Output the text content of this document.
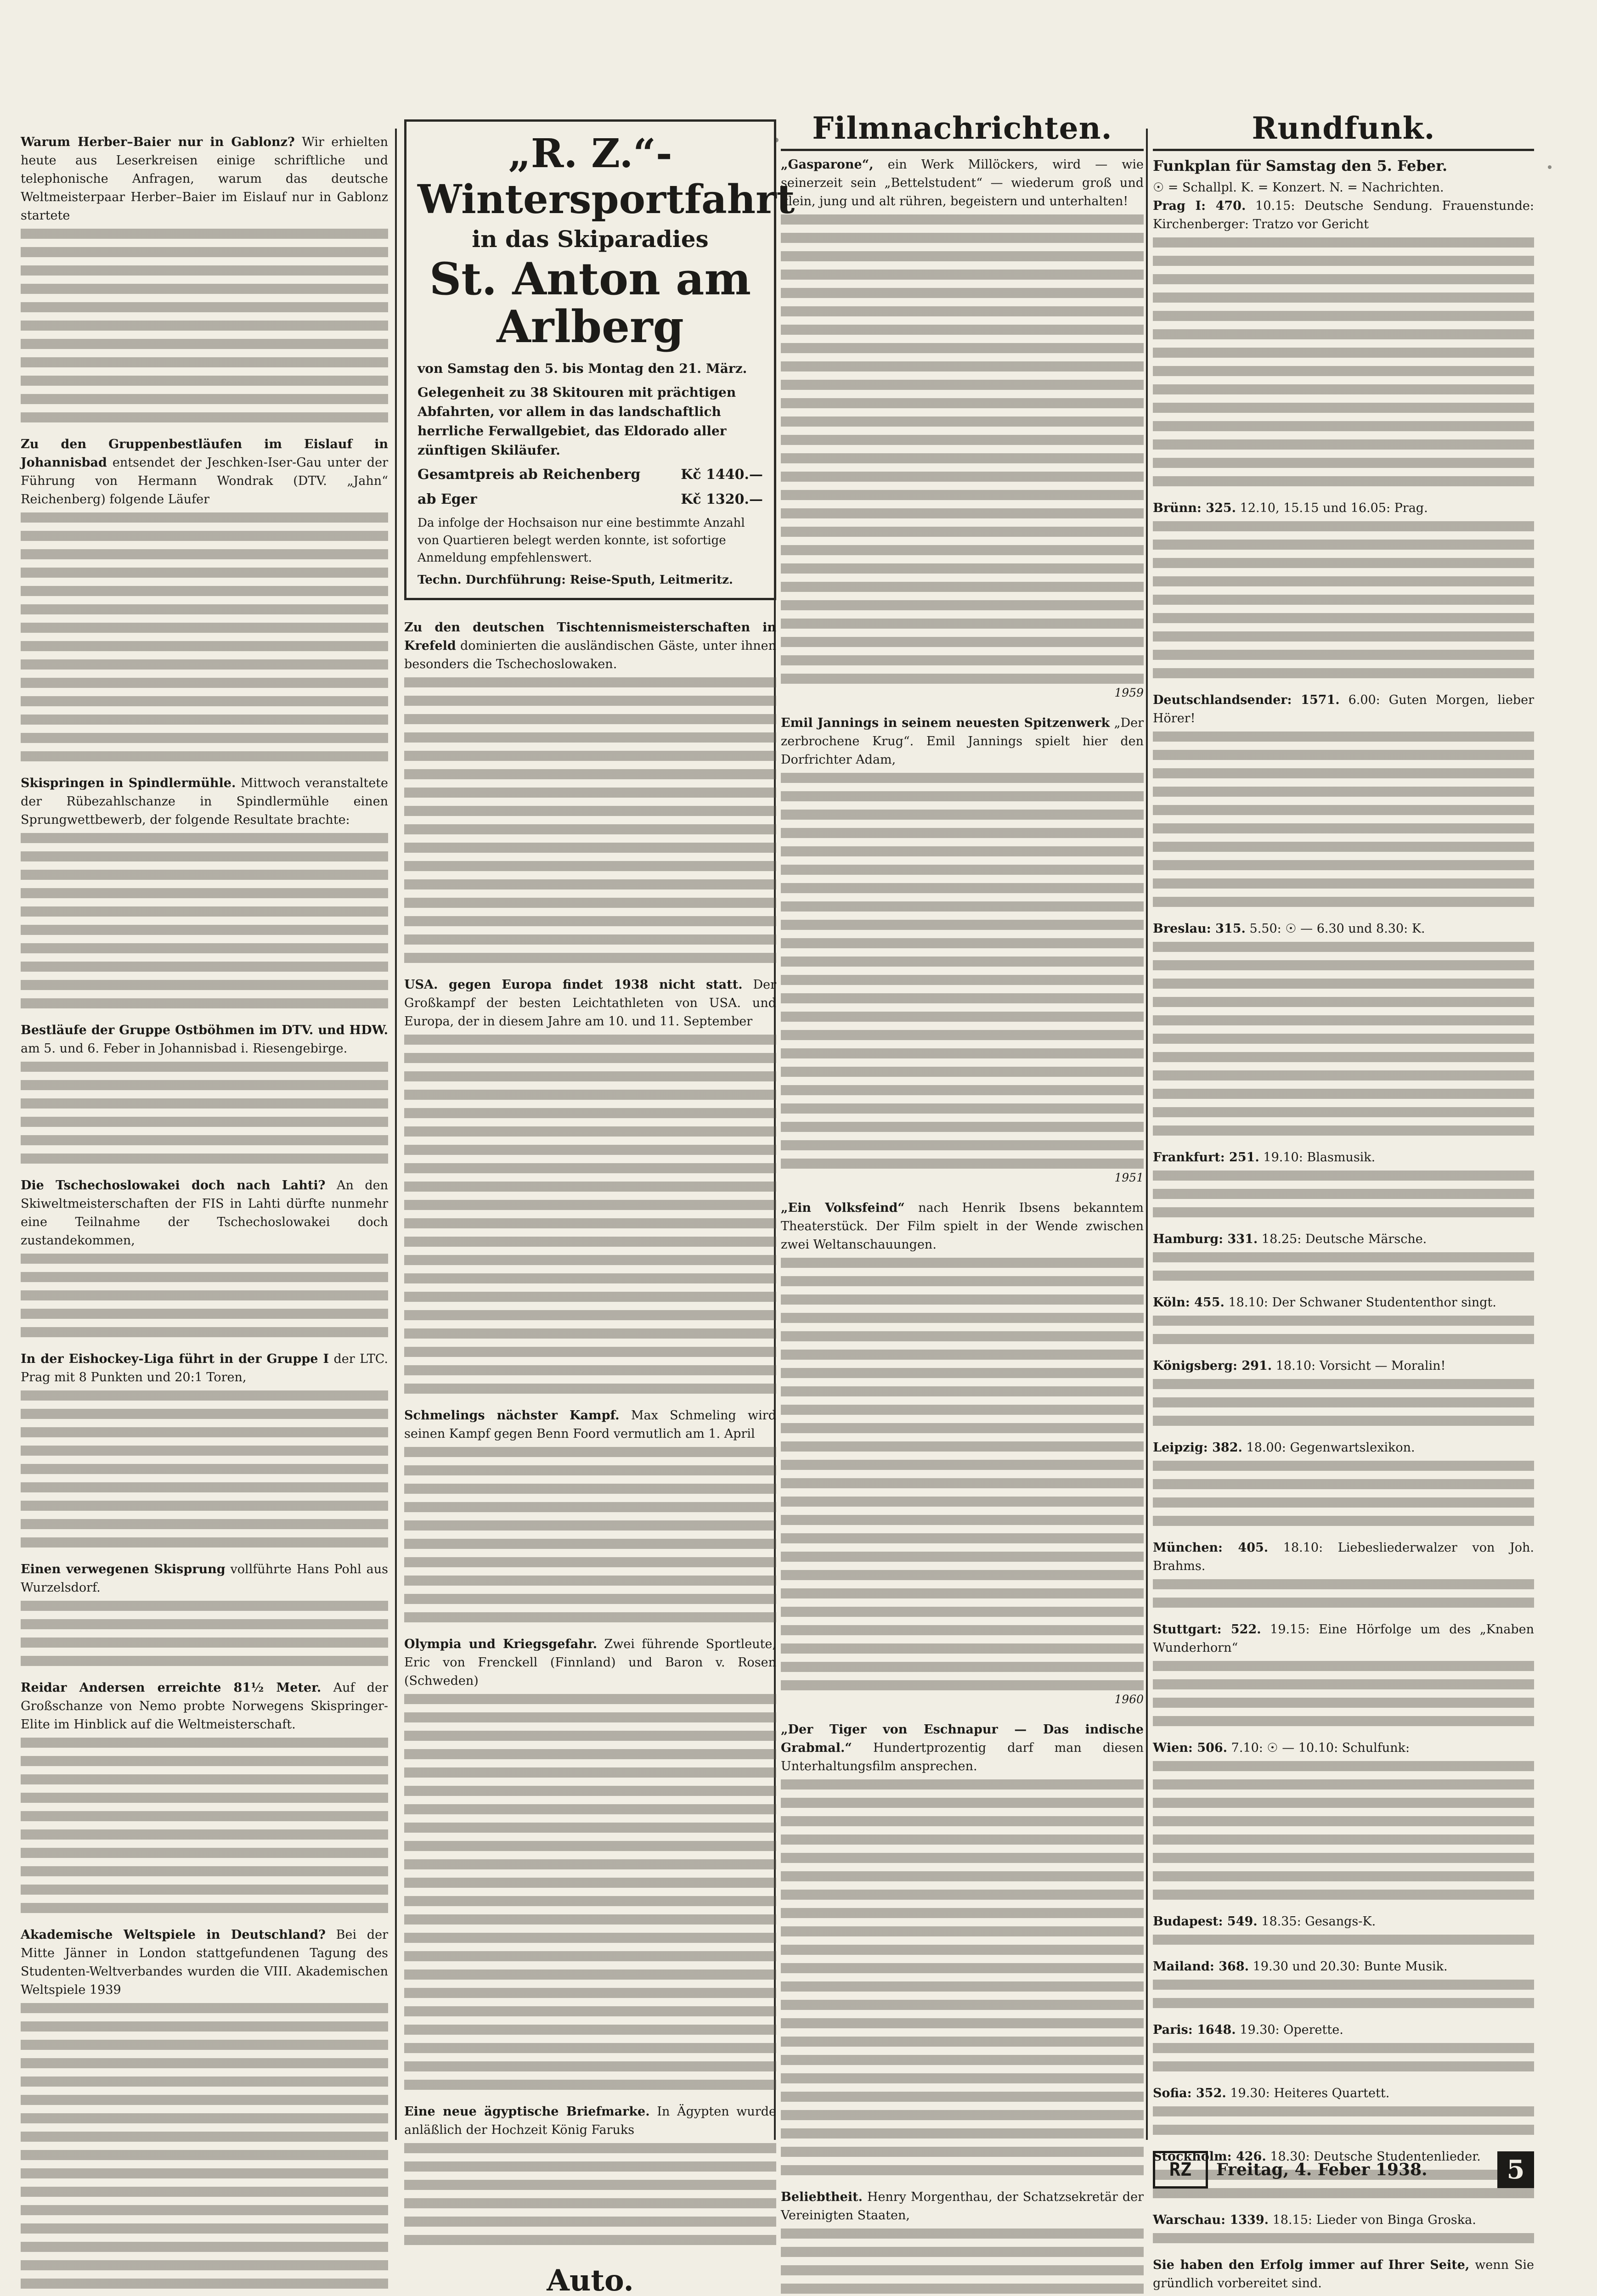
Warum Herber–Baier nur in Gablonz? Wir erhielten heute aus Leserkreisen einige schriftliche und telephonische Anfragen, warum das deutsche Weltmeisterpaar Herber–Baier im Eislauf nur in Gablonz startete

Zu den Gruppenbestläufen im Eislauf in Johannisbad entsendet der Jeschken-Iser-Gau unter der Führung von Hermann Wondrak (DTV. „Jahn“ Reichenberg) folgende Läufer

Skispringen in Spindlermühle. Mittwoch veranstaltete der Rübezahlschanze in Spindlermühle einen Sprungwettbewerb, der folgende Resultate brachte:

Bestläufe der Gruppe Ostböhmen im DTV. und HDW. am 5. und 6. Feber in Johannisbad i. Riesengebirge.

Die Tschechoslowakei doch nach Lahti? An den Skiweltmeisterschaften der FIS in Lahti dürfte nunmehr eine Teilnahme der Tschechoslowakei doch zustandekommen,

In der Eishockey-Liga führt in der Gruppe I der LTC. Prag mit 8 Punkten und 20:1 Toren,

Einen verwegenen Skisprung vollführte Hans Pohl aus Wurzelsdorf.

Reidar Andersen erreichte 81½ Meter. Auf der Großschanze von Nemo probte Norwegens Skispringer-Elite im Hinblick auf die Weltmeisterschaft.

Akademische Weltspiele in Deutschland? Bei der Mitte Jänner in London stattgefundenen Tagung des Studenten-Weltverbandes wurden die VIII. Akademischen Weltspiele 1939

„R. Z.“-Wintersportfahrt

in das Skiparadies

St. Anton am Arlberg

von Samstag den 5. bis Montag den 21. März.

Gelegenheit zu 38 Skitouren mit prächtigen Abfahrten, vor allem in das landschaftlich herrliche Ferwallgebiet, das Eldorado aller zünftigen Skiläufer.

Gesamtpreis ab Reichenberg	Kč 1440.—

ab Eger	Kč 1320.—

Da infolge der Hochsaison nur eine bestimmte Anzahl von Quartieren belegt werden konnte, ist sofortige Anmeldung empfehlenswert.

Techn. Durchführung: Reise-Sputh, Leitmeritz.

Zu den deutschen Tischtennismeisterschaften in Krefeld dominierten die ausländischen Gäste, unter ihnen besonders die Tschechoslowaken.

USA. gegen Europa findet 1938 nicht statt. Der Großkampf der besten Leichtathleten von USA. und Europa, der in diesem Jahre am 10. und 11. September

Schmelings nächster Kampf. Max Schmeling wird seinen Kampf gegen Benn Foord vermutlich am 1. April

Olympia und Kriegsgefahr. Zwei führende Sportleute, Eric von Frenckell (Finnland) und Baron v. Rosen (Schweden)

Eine neue ägyptische Briefmarke. In Ägypten wurde anläßlich der Hochzeit König Faruks

Auto.

Filmnachrichten.

„Gasparone“, ein Werk Millöckers, wird — wie seinerzeit sein „Bettelstudent“ — wiederum groß und klein, jung und alt rühren, begeistern und unterhalten!

1959

Emil Jannings in seinem neuesten Spitzenwerk „Der zerbrochene Krug“. Emil Jannings spielt hier den Dorfrichter Adam,

1951

„Ein Volksfeind“ nach Henrik Ibsens bekanntem Theaterstück. Der Film spielt in der Wende zwischen zwei Weltanschauungen.

1960

„Der Tiger von Eschnapur — Das indische Grabmal.“ Hundertprozentig darf man diesen Unterhaltungsfilm ansprechen.

Beliebtheit. Henry Morgenthau, der Schatzsekretär der Vereinigten Staaten,

Rundfunk.

Funkplan für Samstag den 5. Feber.

☉ = Schallpl. K. = Konzert. N. = Nachrichten.

Prag I: 470. 10.15: Deutsche Sendung. Frauenstunde: Kirchenberger: Tratzo vor Gericht

Brünn: 325. 12.10, 15.15 und 16.05: Prag.

Deutschlandsender: 1571. 6.00: Guten Morgen, lieber Hörer!

Breslau: 315. 5.50: ☉ — 6.30 und 8.30: K.

Frankfurt: 251. 19.10: Blasmusik.

Hamburg: 331. 18.25: Deutsche Märsche.

Köln: 455. 18.10: Der Schwaner Studententhor singt.

Königsberg: 291. 18.10: Vorsicht — Moralin!

Leipzig: 382. 18.00: Gegenwartslexikon.

München: 405. 18.10: Liebesliederwalzer von Joh. Brahms.

Stuttgart: 522. 19.15: Eine Hörfolge um des „Knaben Wunderhorn“

Wien: 506. 7.10: ☉ — 10.10: Schulfunk:

Budapest: 549. 18.35: Gesangs-K.

Mailand: 368. 19.30 und 20.30: Bunte Musik.

Paris: 1648. 19.30: Operette.

Sofia: 352. 19.30: Heiteres Quartett.

Stockholm: 426. 18.30: Deutsche Studentenlieder.

Warschau: 1339. 18.15: Lieder von Binga Groska.

Sie haben den Erfolg immer auf Ihrer Seite, wenn Sie gründlich vorbereitet sind.

RZ	Freitag, 4. Feber 1938.	5
